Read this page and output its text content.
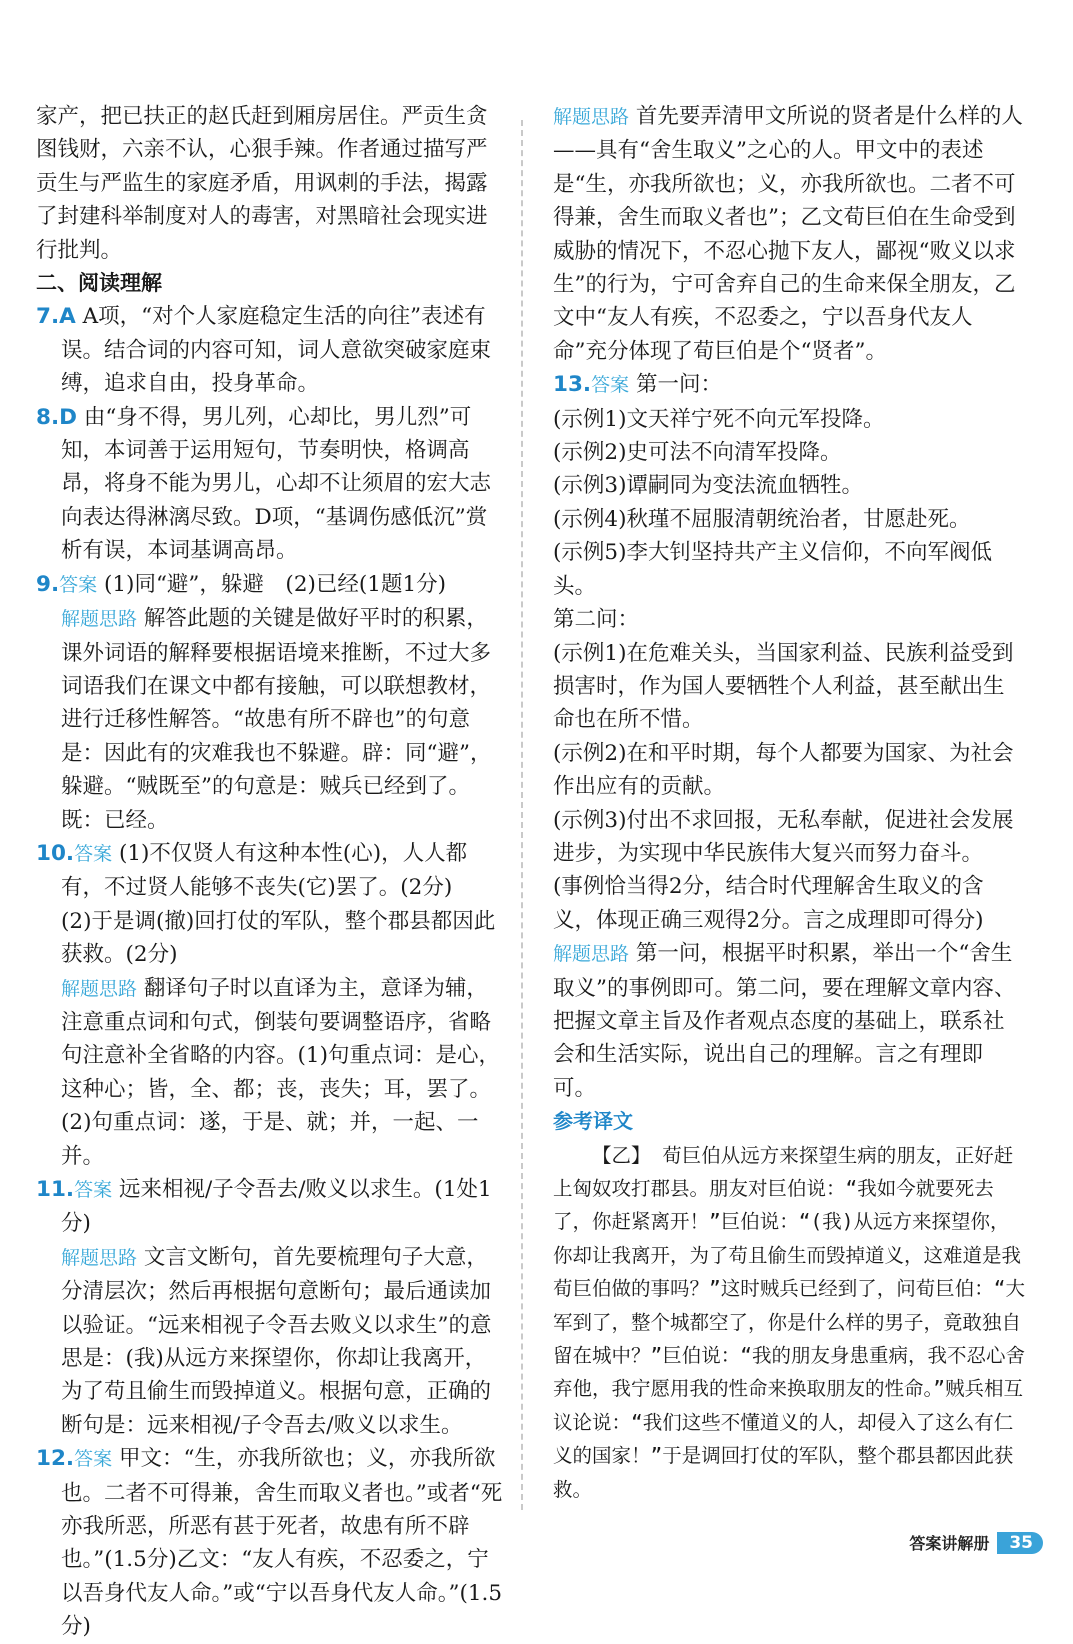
家产，把已扶正的赵氏赶到厢房居住。严贡生贪图钱财，六亲不认，心狠手辣。作者通过描写严贡生与严监生的家庭矛盾，用讽刺的手法，揭露了封建科举制度对人的毒害，对黑暗社会现实进行批判。

二、阅读理解

7.A A项，“对个人家庭稳定生活的向往”表述有误。结合词的内容可知，词人意欲突破家庭束缚，追求自由，投身革命。

8.D 由“身不得，男儿列，心却比，男儿烈”可知，本词善于运用短句，节奏明快，格调高昂，将身不能为男儿，心却不让须眉的宏大志向表达得淋漓尽致。D项，“基调伤感低沉”赏析有误，本词基调高昂。

9.答案 (1)同“避”，躲避　(2)已经(1题1分)

解题思路 解答此题的关键是做好平时的积累，课外词语的解释要根据语境来推断，不过大多词语我们在课文中都有接触，可以联想教材，进行迁移性解答。“故患有所不辟也”的句意是：因此有的灾难我也不躲避。辟：同“避”，躲避。“贼既至”的句意是：贼兵已经到了。既：已经。

10.答案 (1)不仅贤人有这种本性(心)，人人都有，不过贤人能够不丧失(它)罢了。(2分)

(2)于是调(撤)回打仗的军队，整个郡县都因此获救。(2分)

解题思路 翻译句子时以直译为主，意译为辅，注意重点词和句式，倒装句要调整语序，省略句注意补全省略的内容。(1)句重点词：是心，这种心；皆，全、都；丧，丧失；耳，罢了。(2)句重点词：遂，于是、就；并，一起、一并。

11.答案 远来相视/子令吾去/败义以求生。(1处1分)

解题思路 文言文断句，首先要梳理句子大意，分清层次；然后再根据句意断句；最后通读加以验证。“远来相视子令吾去败义以求生”的意思是：(我)从远方来探望你，你却让我离开，为了苟且偷生而毁掉道义。根据句意，正确的断句是：远来相视/子令吾去/败义以求生。

12.答案 甲文：“生，亦我所欲也；义，亦我所欲也。二者不可得兼，舍生而取义者也。”或者“死亦我所恶，所恶有甚于死者，故患有所不辟也。”(1.5分)乙文：“友人有疾，不忍委之，宁以吾身代友人命。”或“宁以吾身代友人命。”(1.5分)

解题思路 首先要弄清甲文所说的贤者是什么样的人——具有“舍生取义”之心的人。甲文中的表述是“生，亦我所欲也；义，亦我所欲也。二者不可得兼，舍生而取义者也”；乙文荀巨伯在生命受到威胁的情况下，不忍心抛下友人，鄙视“败义以求生”的行为，宁可舍弃自己的生命来保全朋友，乙文中“友人有疾，不忍委之，宁以吾身代友人命”充分体现了荀巨伯是个“贤者”。

13.答案 第一问：

(示例1)文天祥宁死不向元军投降。

(示例2)史可法不向清军投降。

(示例3)谭嗣同为变法流血牺牲。

(示例4)秋瑾不屈服清朝统治者，甘愿赴死。

(示例5)李大钊坚持共产主义信仰，不向军阀低头。

第二问：

(示例1)在危难关头，当国家利益、民族利益受到损害时，作为国人要牺牲个人利益，甚至献出生命也在所不惜。

(示例2)在和平时期，每个人都要为国家、为社会作出应有的贡献。

(示例3)付出不求回报，无私奉献，促进社会发展进步，为实现中华民族伟大复兴而努力奋斗。

(事例恰当得2分，结合时代理解舍生取义的含义，体现正确三观得2分。言之成理即可得分)

解题思路 第一问，根据平时积累，举出一个“舍生取义”的事例即可。第二问，要在理解文章内容、把握文章主旨及作者观点态度的基础上，联系社会和生活实际，说出自己的理解。言之有理即可。

参考译文

【乙】 荀巨伯从远方来探望生病的朋友，正好赶上匈奴攻打郡县。朋友对巨伯说：“我如今就要死去了，你赶紧离开！”巨伯说：“(我)从远方来探望你，你却让我离开，为了苟且偷生而毁掉道义，这难道是我荀巨伯做的事吗？”这时贼兵已经到了，问荀巨伯：“大军到了，整个城都空了，你是什么样的男子，竟敢独自留在城中？”巨伯说：“我的朋友身患重病，我不忍心舍弃他，我宁愿用我的性命来换取朋友的性命。”贼兵相互议论说：“我们这些不懂道义的人，却侵入了这么有仁义的国家！”于是调回打仗的军队，整个郡县都因此获救。

答案讲解册	35
